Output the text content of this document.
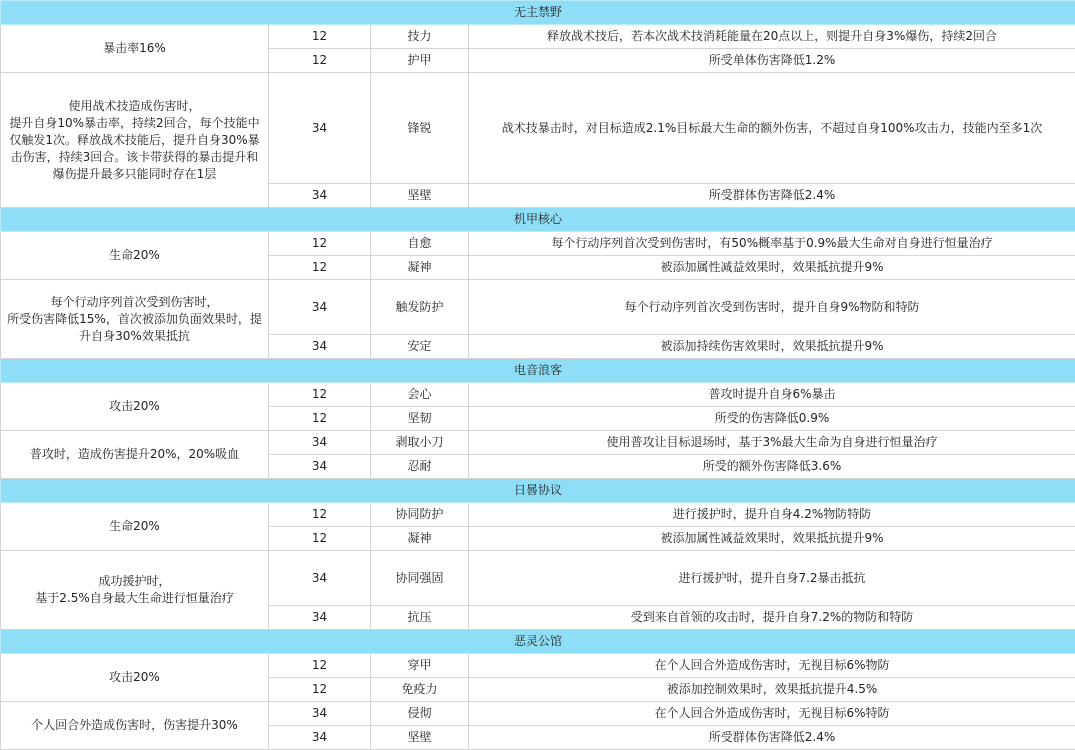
无主禁野			
暴击率16%	12	技力	释放战术技后，若本次战术技消耗能量在20点以上，则提升自身3%爆伤，持续2回合
	12	护甲	所受单体伤害降低1.2%
使用战术技造成伤害时，
提升自身10%暴击率，持续2回合，每个技能中仅触发1次。释放战术技能后，提升自身30%暴击伤害，持续3回合。该卡带获得的暴击提升和爆伤提升最多只能同时存在1层	34	锋锐	战术技暴击时，对目标造成2.1%目标最大生命的额外伤害，不超过自身100%攻击力，技能内至多1次
	34	坚壁	所受群体伤害降低2.4%
机甲核心			
生命20%	12	自愈	每个行动序列首次受到伤害时，有50%概率基于0.9%最大生命对自身进行恒量治疗
	12	凝神	被添加属性减益效果时，效果抵抗提升9%
每个行动序列首次受到伤害时，
所受伤害降低15%，首次被添加负面效果时，提升自身30%效果抵抗	34	触发防护	每个行动序列首次受到伤害时，提升自身9%物防和特防
	34	安定	被添加持续伤害效果时，效果抵抗提升9%
电音浪客			
攻击20%	12	会心	普攻时提升自身6%暴击
	12	坚韧	所受的伤害降低0.9%
普攻时，造成伤害提升20%，20%吸血	34	剥取小刀	使用普攻让目标退场时，基于3%最大生命为自身进行恒量治疗
	34	忍耐	所受的额外伤害降低3.6%
日晷协议			
生命20%	12	协同防护	进行援护时，提升自身4.2%物防特防
	12	凝神	被添加属性减益效果时，效果抵抗提升9%
成功援护时，
基于2.5%自身最大生命进行恒量治疗	34	协同强固	进行援护时，提升自身7.2暴击抵抗
	34	抗压	受到来自首领的攻击时，提升自身7.2%的物防和特防
恶灵公馆			
攻击20%	12	穿甲	在个人回合外造成伤害时，无视目标6%物防
	12	免疫力	被添加控制效果时，效果抵抗提升4.5%
个人回合外造成伤害时，伤害提升30%	34	侵彻	在个人回合外造成伤害时，无视目标6%特防
	34	坚壁	所受群体伤害降低2.4%
